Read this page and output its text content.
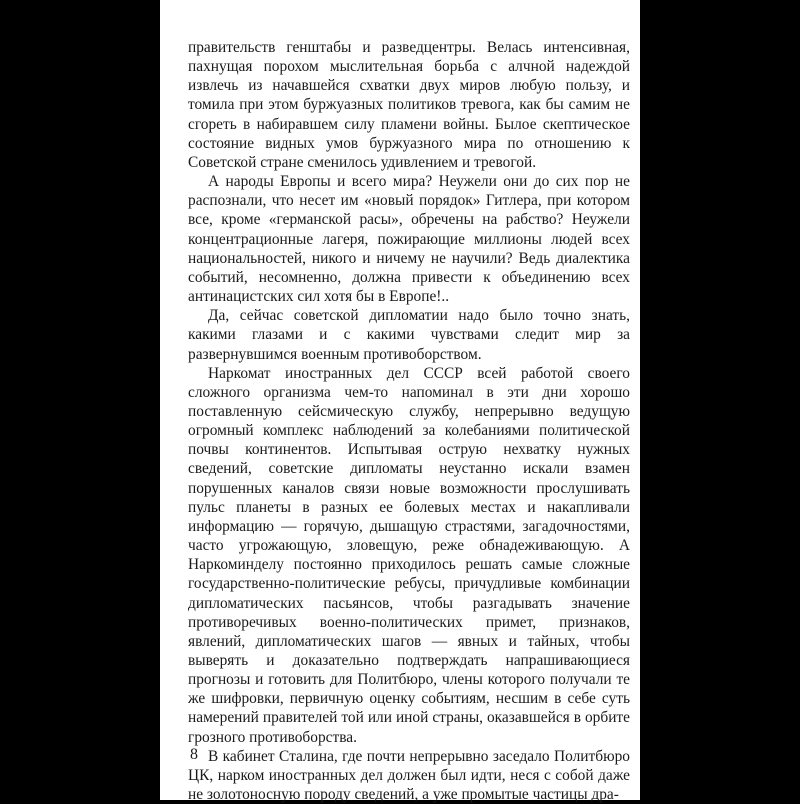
правительств генштабы и разведцентры. Велась интенсивная, пахнущая порохом мыслительная борьба с алчной надеждой извлечь из начавшейся схватки двух миров любую пользу, и томила при этом буржуазных политиков тревога, как бы самим не сгореть в набиравшем силу пламени войны. Былое скептическое состояние видных умов буржуазного мира по отношению к Советской стране сменилось удивлением и тревогой.

А народы Европы и всего мира? Неужели они до сих пор не распознали, что несет им «новый порядок» Гитлера, при котором все, кроме «германской расы», обречены на рабство? Неужели концентрационные лагеря, пожирающие миллионы людей всех национальностей, никого и ничему не научили? Ведь диалектика событий, несомненно, должна привести к объединению всех антинацистских сил хотя бы в Европе!..

Да, сейчас советской дипломатии надо было точно знать, какими глазами и с какими чувствами следит мир за развернувшимся военным противоборством.

Наркомат иностранных дел СССР всей работой своего сложного организма чем-то напоминал в эти дни хорошо поставленную сейсмическую службу, непрерывно ведущую огромный комплекс наблюдений за колебаниями политической почвы континентов. Испытывая острую нехватку нужных сведений, советские дипломаты неустанно искали взамен порушенных каналов связи новые возможности прослушивать пульс планеты в разных ее болевых местах и накапливали информацию — горячую, дышащую страстями, загадочностями, часто угрожающую, зловещую, реже обнадеживающую. А Наркоминделу постоянно приходилось решать самые сложные государственно-политические ребусы, причудливые комбинации дипломатических пасьянсов, чтобы разгадывать значение противоречивых военно-политических примет, признаков, явлений, дипломатических шагов — явных и тайных, чтобы выверять и доказательно подтверждать напрашивающиеся прогнозы и готовить для Политбюро, члены которого получали те же шифровки, первичную оценку событиям, несшим в себе суть намерений правителей той или иной страны, оказавшейся в орбите грозного противоборства.

В кабинет Сталина, где почти непрерывно заседало Политбюро ЦК, нарком иностранных дел должен был идти, неся с собой даже не золотоносную породу сведений, а уже промытые частицы дра-

8
